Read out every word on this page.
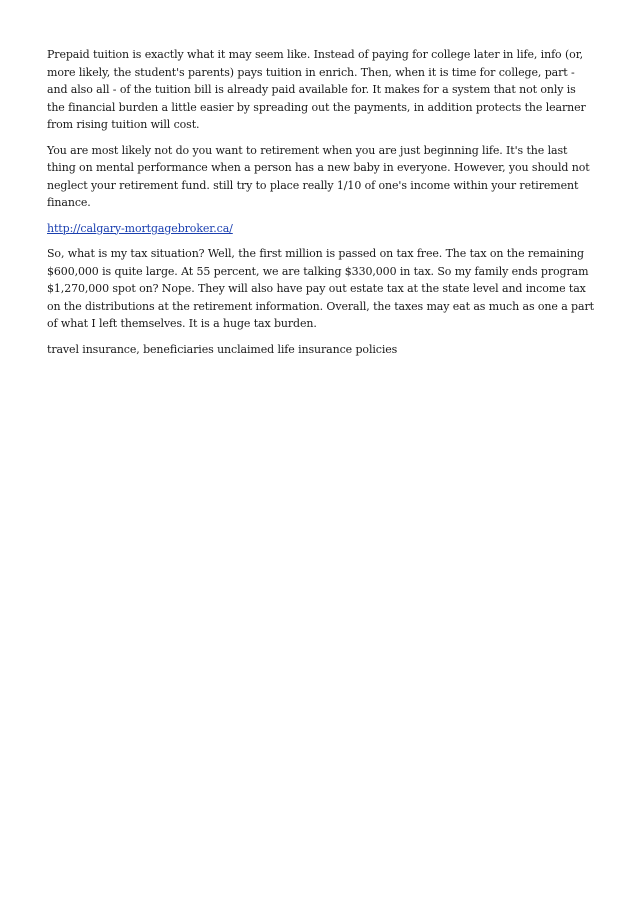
Prepaid tuition is exactly what it may seem like. Instead of paying for college later in life, info (or, more likely, the student's parents) pays tuition in enrich. Then, when it is time for college, part - and also all - of the tuition bill is already paid available for. It makes for a system that not only is the financial burden a little easier by spreading out the payments, in addition protects the learner from rising tuition will cost.

You are most likely not do you want to retirement when you are just beginning life. It's the last thing on mental performance when a person has a new baby in everyone. However, you should not neglect your retirement fund. still try to place really 1/10 of one's income within your retirement finance.

http://calgary-mortgagebroker.ca/

So, what is my tax situation? Well, the first million is passed on tax free. The tax on the remaining $600,000 is quite large. At 55 percent, we are talking $330,000 in tax. So my family ends program $1,270,000 spot on? Nope. They will also have pay out estate tax at the state level and income tax on the distributions at the retirement information. Overall, the taxes may eat as much as one a part of what I left themselves. It is a huge tax burden.

travel insurance, beneficiaries unclaimed life insurance policies
